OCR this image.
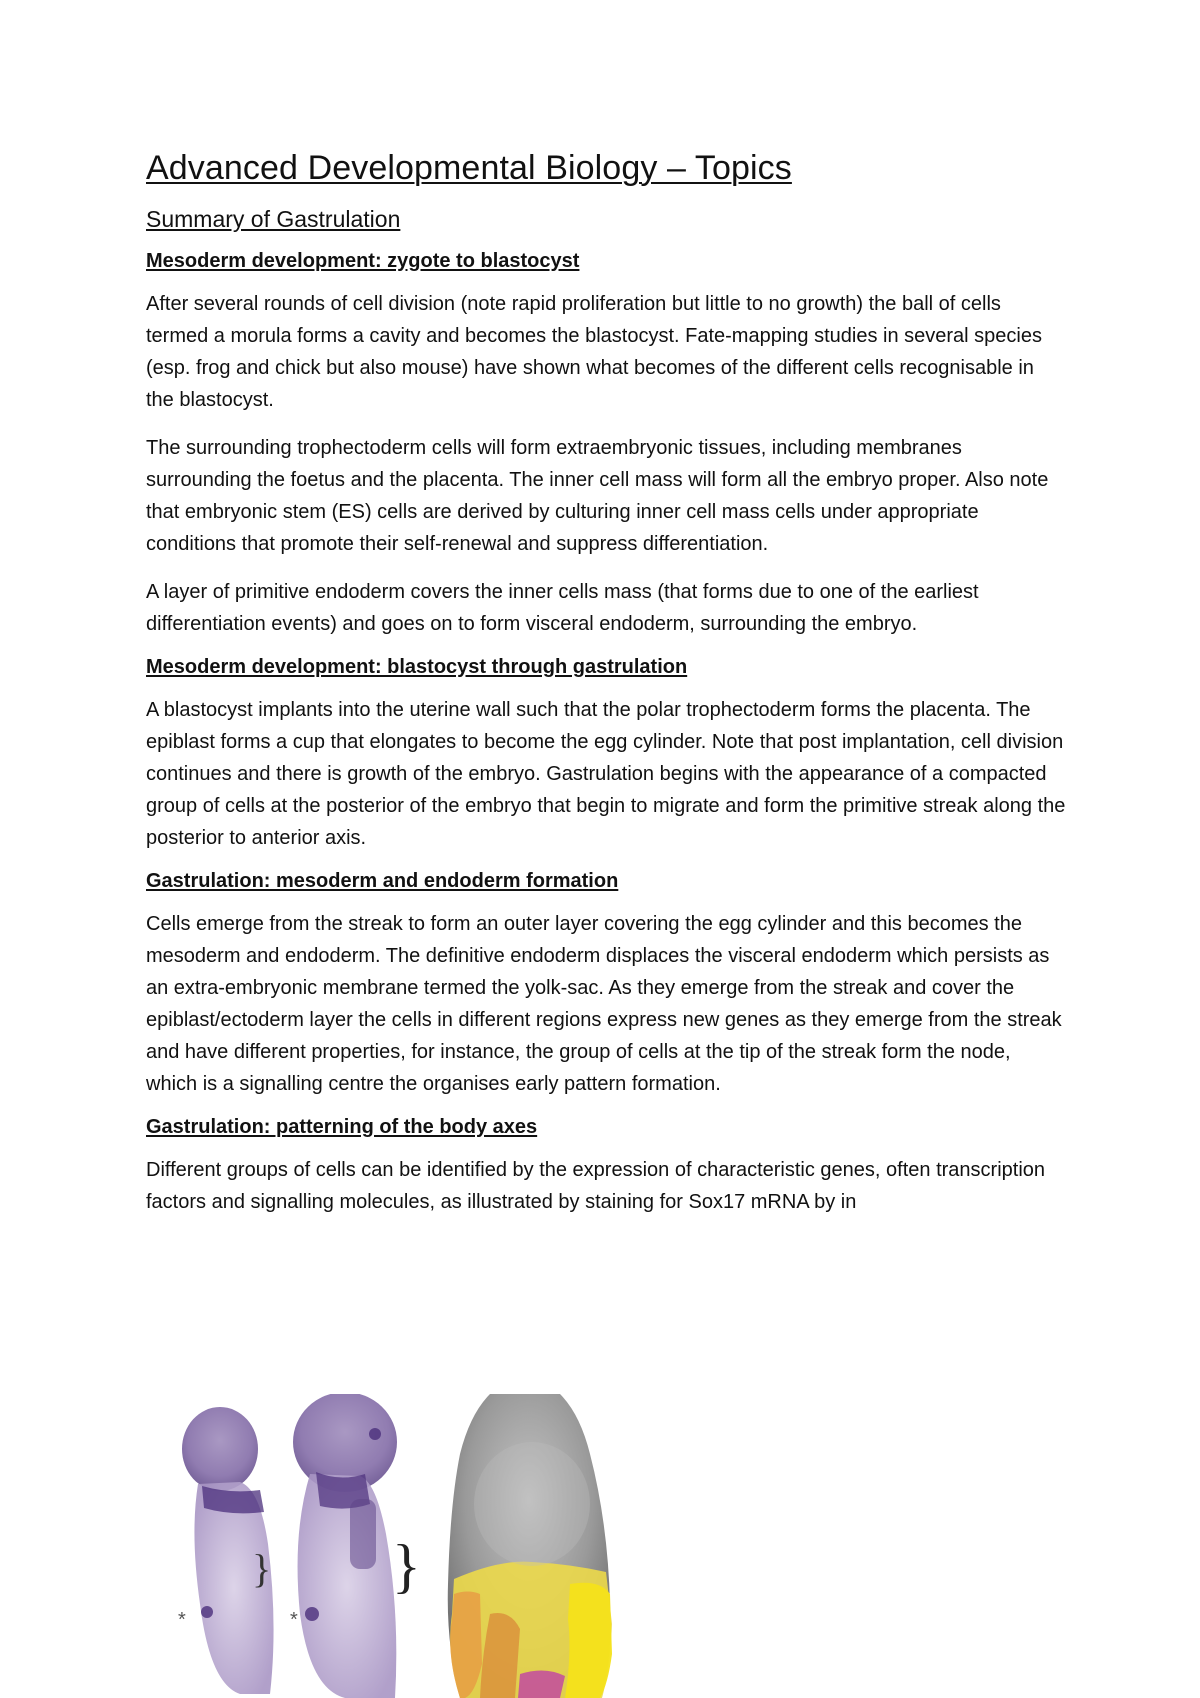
Advanced Developmental Biology – Topics
Summary of Gastrulation
Mesoderm development: zygote to blastocyst

After several rounds of cell division (note rapid proliferation but little to no growth) the ball of cells termed a morula forms a cavity and becomes the blastocyst. Fate-mapping studies in several species (esp. frog and chick but also mouse) have shown what becomes of the different cells recognisable in the blastocyst.

The surrounding trophectoderm cells will form extraembryonic tissues, including membranes surrounding the foetus and the placenta. The inner cell mass will form all the embryo proper. Also note that embryonic stem (ES) cells are derived by culturing inner cell mass cells under appropriate conditions that promote their self-renewal and suppress differentiation.

A layer of primitive endoderm covers the inner cells mass (that forms due to one of the earliest differentiation events) and goes on to form visceral endoderm, surrounding the embryo.

Mesoderm development: blastocyst through gastrulation

A blastocyst implants into the uterine wall such that the polar trophectoderm forms the placenta. The epiblast forms a cup that elongates to become the egg cylinder. Note that post implantation, cell division continues and there is growth of the embryo. Gastrulation begins with the appearance of a compacted group of cells at the posterior of the embryo that begin to migrate and form the primitive streak along the posterior to anterior axis.

Gastrulation: mesoderm and endoderm formation

Cells emerge from the streak to form an outer layer covering the egg cylinder and this becomes the mesoderm and endoderm. The definitive endoderm displaces the visceral endoderm which persists as an extra-embryonic membrane termed the yolk-sac. As they emerge from the streak and cover the epiblast/ectoderm layer the cells in different regions express new genes as they emerge from the streak and have different properties, for instance, the group of cells at the tip of the streak form the node, which is a signalling centre the organises early pattern formation.

Gastrulation: patterning of the body axes

Different groups of cells can be identified by the expression of characteristic genes, often transcription factors and signalling molecules, as illustrated by staining for Sox17 mRNA by in

}
*
}
*
